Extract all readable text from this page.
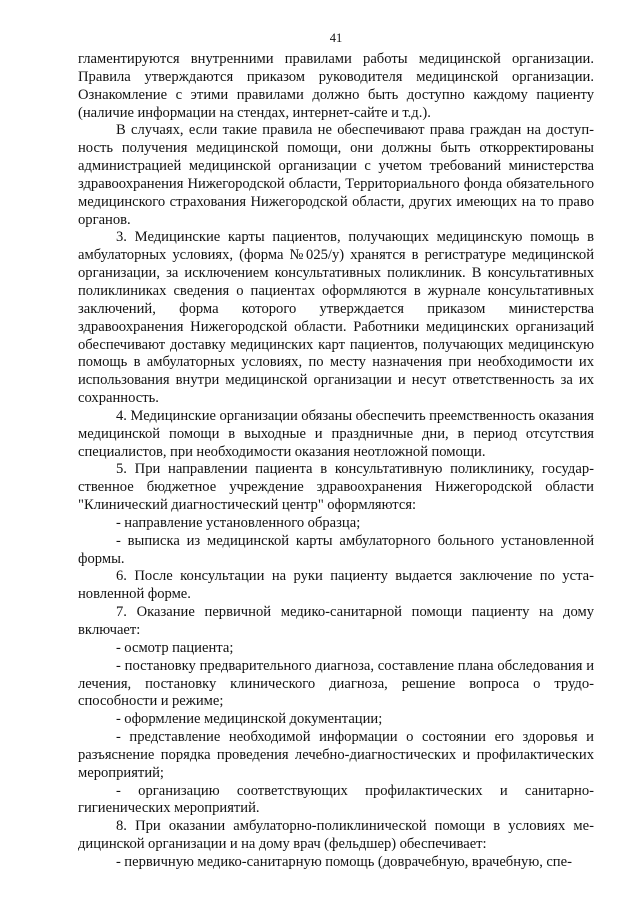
41

гламентируются внутренними правилами работы медицинской организации. Правила утверждаются приказом руководителя медицинской организации. Ознакомление с этими правилами должно быть доступно каждому пациенту (наличие информации на стендах, интернет-сайте и т.д.).

В случаях, если такие правила не обеспечивают права граждан на доступность получения медицинской помощи, они должны быть откорректированы администрацией медицинской организации с учетом требований министерства здравоохранения Нижегородской области, Территориального фонда обязательного медицинского страхования Нижегородской области, других имеющих на то право органов.

3. Медицинские карты пациентов, получающих медицинскую помощь в амбулаторных условиях, (форма №025/у) хранятся в регистратуре медицинской организации, за исключением консультативных поликлиник. В консультативных поликлиниках сведения о пациентах оформляются в журнале консультативных заключений, форма которого утверждается приказом министерства здравоохранения Нижегородской области. Работники медицинских организаций обеспечивают доставку медицинских карт пациентов, получающих медицинскую помощь в амбулаторных условиях, по месту назначения при необходимости их использования внутри медицинской организации и несут ответственность за их сохранность.

4. Медицинские организации обязаны обеспечить преемственность оказания медицинской помощи в выходные и праздничные дни, в период отсутствия специалистов, при необходимости оказания неотложной помощи.

5. При направлении пациента в консультативную поликлинику, государственное бюджетное учреждение здравоохранения Нижегородской области "Клинический диагностический центр" оформляются:

- направление установленного образца;

- выписка из медицинской карты амбулаторного больного установленной формы.

6. После консультации на руки пациенту выдается заключение по установленной форме.

7. Оказание первичной медико-санитарной помощи пациенту на дому включает:

- осмотр пациента;

- постановку предварительного диагноза, составление плана обследования и лечения, постановку клинического диагноза, решение вопроса о трудоспособности и режиме;

- оформление медицинской документации;

- представление необходимой информации о состоянии его здоровья и разъяснение порядка проведения лечебно-диагностических и профилактических мероприятий;

- организацию соответствующих профилактических и санитарно-гигиенических мероприятий.

8. При оказании амбулаторно-поликлинической помощи в условиях медицинской организации и на дому врач (фельдшер) обеспечивает:

- первичную медико-санитарную помощь (доврачебную, врачебную, спе-
